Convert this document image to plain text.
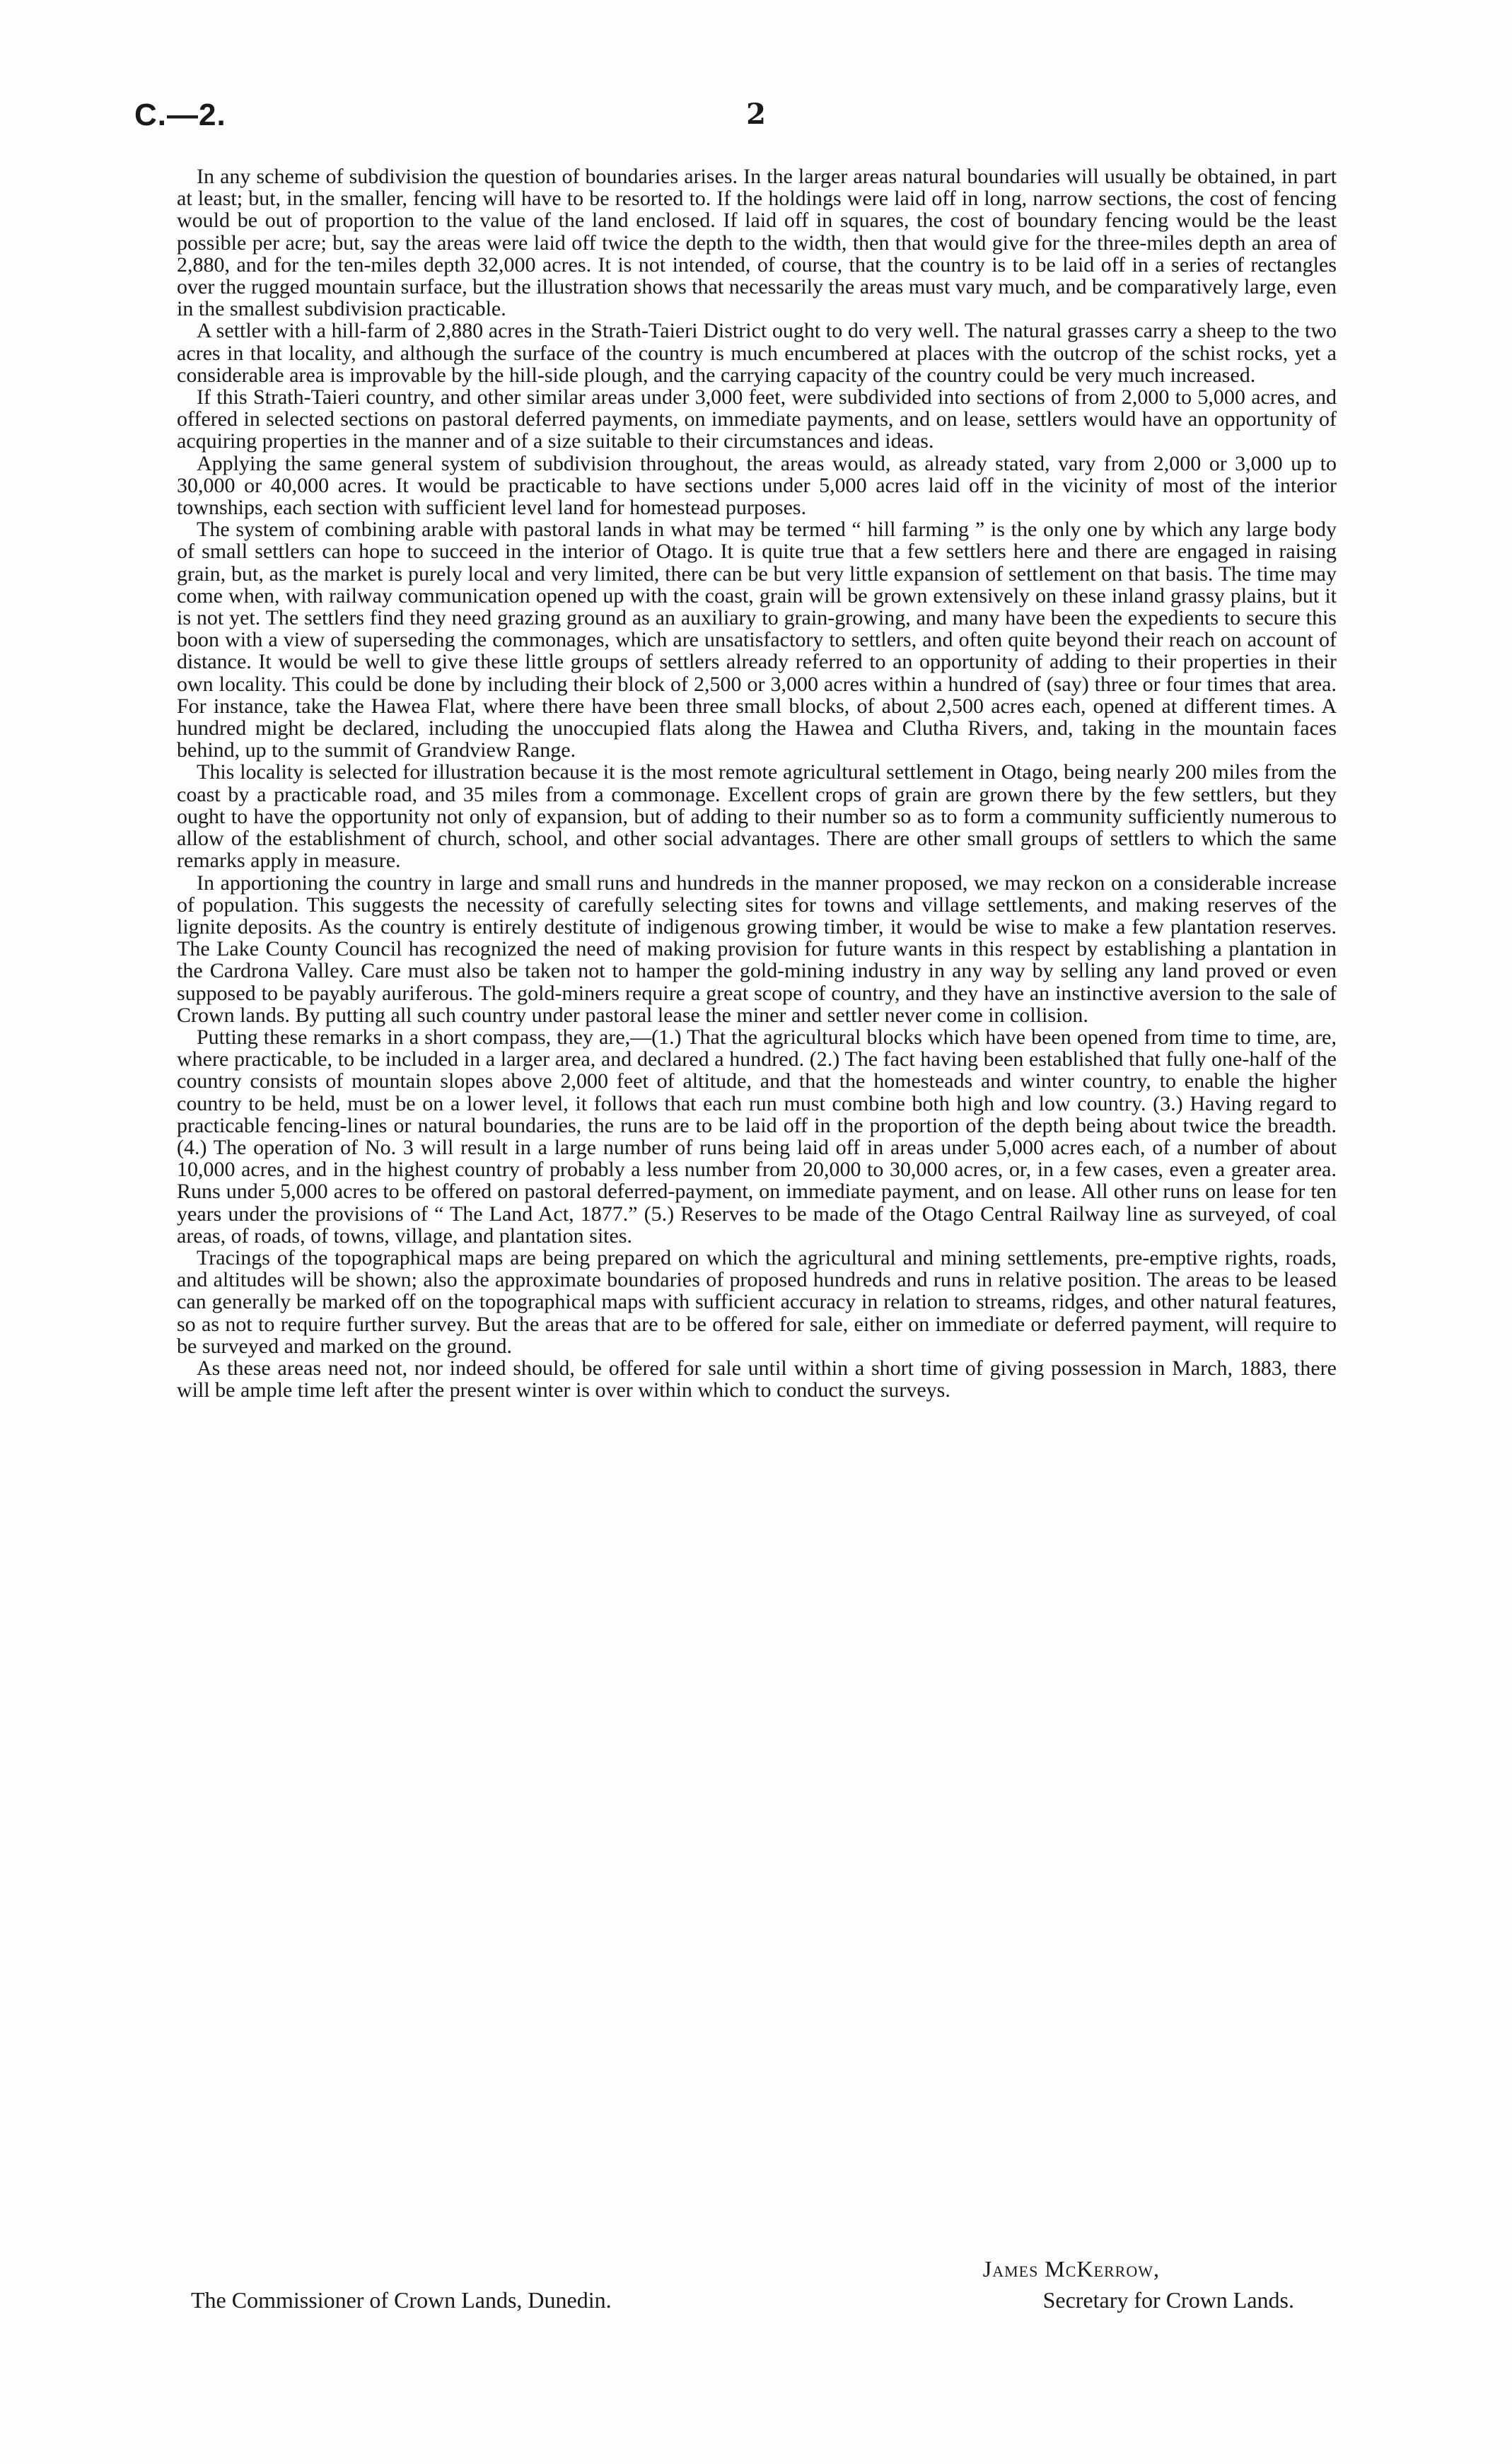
C.—2.	2

In any scheme of subdivision the question of boundaries arises. In the larger areas natural boundaries will usually be obtained, in part at least; but, in the smaller, fencing will have to be resorted to. If the holdings were laid off in long, narrow sections, the cost of fencing would be out of proportion to the value of the land enclosed. If laid off in squares, the cost of boundary fencing would be the least possible per acre; but, say the areas were laid off twice the depth to the width, then that would give for the three-miles depth an area of 2,880, and for the ten-miles depth 32,000 acres. It is not intended, of course, that the country is to be laid off in a series of rectangles over the rugged mountain surface, but the illustration shows that necessarily the areas must vary much, and be comparatively large, even in the smallest subdivision practicable.

A settler with a hill-farm of 2,880 acres in the Strath-Taieri District ought to do very well. The natural grasses carry a sheep to the two acres in that locality, and although the surface of the country is much encumbered at places with the outcrop of the schist rocks, yet a considerable area is improvable by the hill-side plough, and the carrying capacity of the country could be very much increased.

If this Strath-Taieri country, and other similar areas under 3,000 feet, were subdivided into sections of from 2,000 to 5,000 acres, and offered in selected sections on pastoral deferred payments, on immediate payments, and on lease, settlers would have an opportunity of acquiring properties in the manner and of a size suitable to their circumstances and ideas.

Applying the same general system of subdivision throughout, the areas would, as already stated, vary from 2,000 or 3,000 up to 30,000 or 40,000 acres. It would be practicable to have sections under 5,000 acres laid off in the vicinity of most of the interior townships, each section with sufficient level land for homestead purposes.

The system of combining arable with pastoral lands in what may be termed “ hill farming ” is the only one by which any large body of small settlers can hope to succeed in the interior of Otago. It is quite true that a few settlers here and there are engaged in raising grain, but, as the market is purely local and very limited, there can be but very little expansion of settlement on that basis. The time may come when, with railway communication opened up with the coast, grain will be grown extensively on these inland grassy plains, but it is not yet. The settlers find they need grazing ground as an auxiliary to grain-growing, and many have been the expedients to secure this boon with a view of superseding the commonages, which are unsatisfactory to settlers, and often quite beyond their reach on account of distance. It would be well to give these little groups of settlers already referred to an opportunity of adding to their properties in their own locality. This could be done by including their block of 2,500 or 3,000 acres within a hundred of (say) three or four times that area. For instance, take the Hawea Flat, where there have been three small blocks, of about 2,500 acres each, opened at different times. A hundred might be declared, including the unoccupied flats along the Hawea and Clutha Rivers, and, taking in the mountain faces behind, up to the summit of Grandview Range.

This locality is selected for illustration because it is the most remote agricultural settlement in Otago, being nearly 200 miles from the coast by a practicable road, and 35 miles from a commonage. Excellent crops of grain are grown there by the few settlers, but they ought to have the opportunity not only of expansion, but of adding to their number so as to form a community sufficiently numerous to allow of the establishment of church, school, and other social advantages. There are other small groups of settlers to which the same remarks apply in measure.

In apportioning the country in large and small runs and hundreds in the manner proposed, we may reckon on a considerable increase of population. This suggests the necessity of carefully selecting sites for towns and village settlements, and making reserves of the lignite deposits. As the country is entirely destitute of indigenous growing timber, it would be wise to make a few plantation reserves. The Lake County Council has recognized the need of making provision for future wants in this respect by establishing a plantation in the Cardrona Valley. Care must also be taken not to hamper the gold-mining industry in any way by selling any land proved or even supposed to be payably auriferous. The gold-miners require a great scope of country, and they have an instinctive aversion to the sale of Crown lands. By putting all such country under pastoral lease the miner and settler never come in collision.

Putting these remarks in a short compass, they are,—(1.) That the agricultural blocks which have been opened from time to time, are, where practicable, to be included in a larger area, and declared a hundred. (2.) The fact having been established that fully one-half of the country consists of mountain slopes above 2,000 feet of altitude, and that the homesteads and winter country, to enable the higher country to be held, must be on a lower level, it follows that each run must combine both high and low country. (3.) Having regard to practicable fencing-lines or natural boundaries, the runs are to be laid off in the proportion of the depth being about twice the breadth. (4.) The operation of No. 3 will result in a large number of runs being laid off in areas under 5,000 acres each, of a number of about 10,000 acres, and in the highest country of probably a less number from 20,000 to 30,000 acres, or, in a few cases, even a greater area. Runs under 5,000 acres to be offered on pastoral deferred-payment, on immediate payment, and on lease. All other runs on lease for ten years under the provisions of “ The Land Act, 1877.” (5.) Reserves to be made of the Otago Central Railway line as surveyed, of coal areas, of roads, of towns, village, and plantation sites.

Tracings of the topographical maps are being prepared on which the agricultural and mining settlements, pre-emptive rights, roads, and altitudes will be shown; also the approximate boundaries of proposed hundreds and runs in relative position. The areas to be leased can generally be marked off on the topographical maps with sufficient accuracy in relation to streams, ridges, and other natural features, so as not to require further survey. But the areas that are to be offered for sale, either on immediate or deferred payment, will require to be surveyed and marked on the ground.

As these areas need not, nor indeed should, be offered for sale until within a short time of giving possession in March, 1883, there will be ample time left after the present winter is over within which to conduct the surveys.

James McKerrow,
The Commissioner of Crown Lands, Dunedin.	Secretary for Crown Lands.
